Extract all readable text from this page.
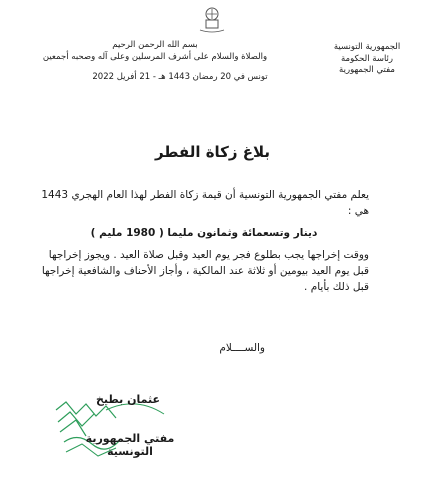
الجمهورية التونسية
رئاسة الحكومة
مفتي الجمهورية
بسم الله الرحمن الرحيم
والصلاة والسلام على أشرف المرسلين وعلى آله وصحبه أجمعين
تونس في 20 رمضان 1443 هـ - 21 أفريل 2022
بلاغ زكاة الفطر
يعلم مفتي الجمهورية التونسية أن قيمة زكاة الفطر لهذا العام الهجري 1443 هي :
دينار وتسعمائة وثمانون مليما ( 1980 مليم )
ووقت إخراجها يجب بطلوع فجر يوم العيد وقبل صلاة العيد . ويجوز إخراجها قبل يوم العيد بيومين أو ثلاثة عند المالكية ، وأجاز الأحناف والشافعية إخراجها قبل ذلك بأيام .
والســــلام
عثمان بطيخ
مفتي الجمهورية التونسية
